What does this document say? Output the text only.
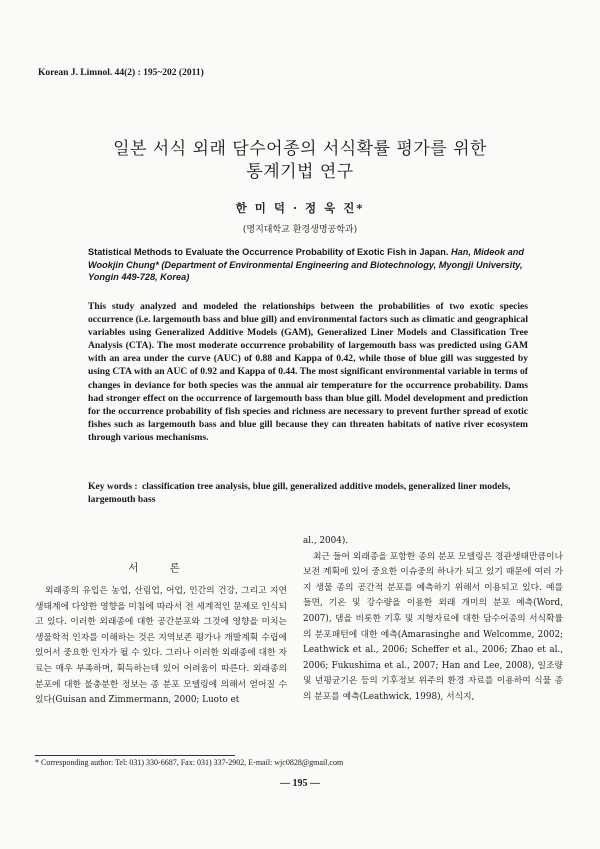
Korean J. Limnol. 44(2) : 195~202 (2011)
일본 서식 외래 담수어종의 서식확률 평가를 위한
통계기법 연구
한 미 덕 · 정 욱 진*
(명지대학교 환경생명공학과)
Statistical Methods to Evaluate the Occurrence Probability of Exotic Fish in Japan. Han, Mideok and Wookjin Chung* (Department of Environmental Engineering and Biotechnology, Myongji University, Yongin 449-728, Korea)
This study analyzed and modeled the relationships between the probabilities of two exotic species occurrence (i.e. largemouth bass and blue gill) and environmental factors such as climatic and geographical variables using Generalized Additive Models (GAM), Generalized Liner Models and Classification Tree Analysis (CTA). The most moderate occurrence probability of largemouth bass was predicted using GAM with an area under the curve (AUC) of 0.88 and Kappa of 0.42, while those of blue gill was suggested by using CTA with an AUC of 0.92 and Kappa of 0.44. The most significant environmental variable in terms of changes in deviance for both species was the annual air temperature for the occurrence probability. Dams had stronger effect on the occurrence of largemouth bass than blue gill. Model development and prediction for the occurrence probability of fish species and richness are necessary to prevent further spread of exotic fishes such as largemouth bass and blue gill because they can threaten habitats of native river ecosystem through various mechanisms.
Key words : classification tree analysis, blue gill, generalized additive models, generalized liner models, largemouth bass
서 론

외래종의 유입은 농업, 산림업, 어업, 인간의 건강, 그리고 지연생태계에 다양한 영향을 미침에 따라서 전 세계적인 문제로 인식되고 있다. 이러한 외래종에 대한 공간분포와 그것에 영향을 미치는 생물학적 인자를 이해하는 것은 지역보존 평가나 개발계획 수립에 있어서 중요한 인자가 될 수 있다. 그러나 이러한 외래종에 대한 자료는 매우 부족하며, 획득하는데 있어 어려움이 따른다. 외래종의 분포에 대한 불충분한 정보는 종 분포 모델링에 의해서 얻어질 수 있다(Guisan and Zimmermann, 2000; Luoto et

al., 2004).

최근 들어 외래종을 포함한 종의 분포 모델링은 경관생태만큼이나 보전 계획에 있어 중요한 이슈중의 하나가 되고 있기 때문에 여러 가지 생물 종의 공간적 분포를 예측하기 위해서 이용되고 있다. 예를 들면, 기온 및 강수량을 이용한 외래 개미의 분포 예측(Word, 2007), 댐을 비롯한 기후 및 지형자료에 대한 담수어종의 서식확률의 분포패턴에 대한 예측(Amarasinghe and Welcomme, 2002; Leathwick et al., 2006; Scheffer et al., 2006; Zhao et al., 2006; Fukushima et al., 2007; Han and Lee, 2008), 일조량 및 년평균기온 등의 기후정보 위주의 환경 자료를 이용하여 식물 종의 분포를 예측(Leathwick, 1998), 서식지,

* Corresponding author: Tel: 031) 330-6687, Fax: 031) 337-2902, E-mail: wjc0828@gmail.com
— 195 —
